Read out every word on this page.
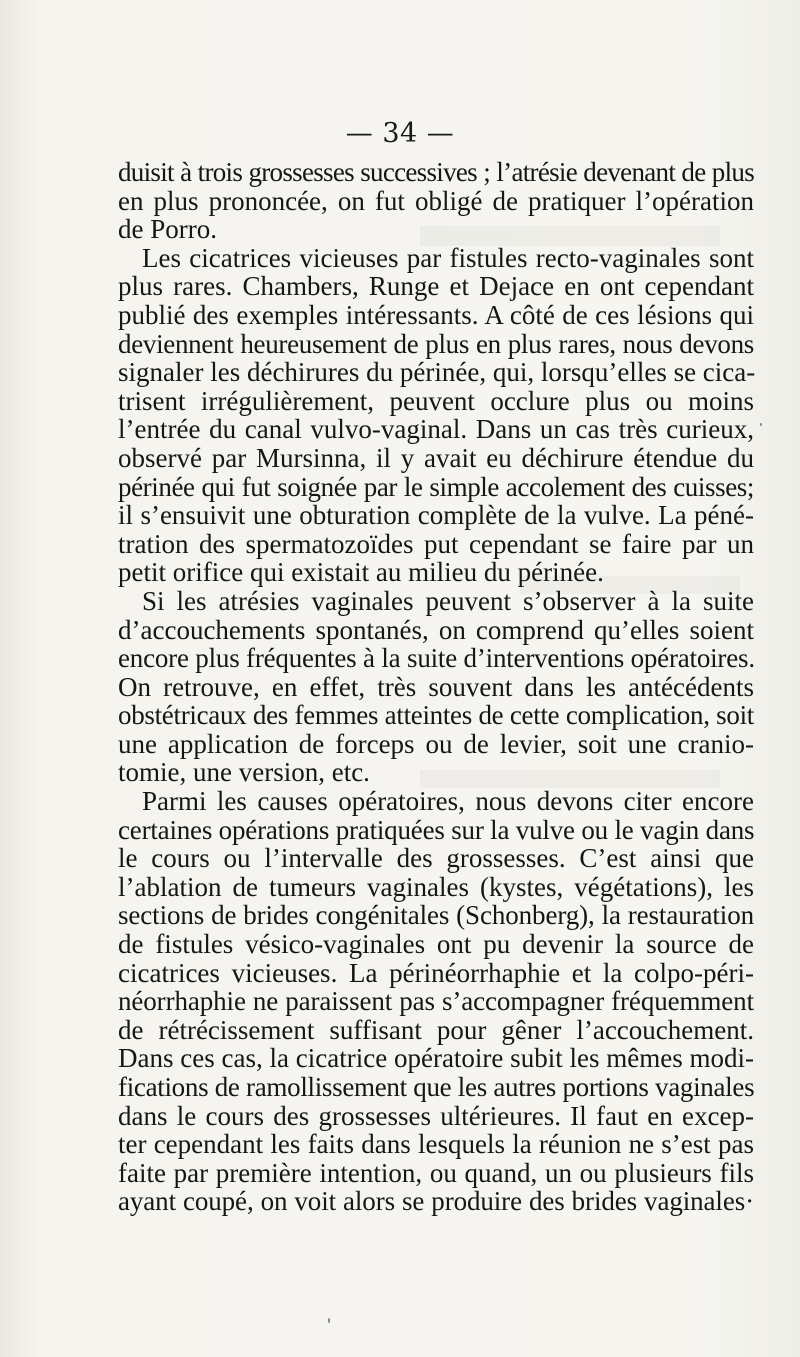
— 34 —
duisit à trois grossesses successives ; l’atrésie devenant de plus
en plus prononcée, on fut obligé de pratiquer l’opération
de Porro.
Les cicatrices vicieuses par fistules recto-vaginales sont
plus rares. Chambers, Runge et Dejace en ont cependant
publié des exemples intéressants. A côté de ces lésions qui
deviennent heureusement de plus en plus rares, nous devons
signaler les déchirures du périnée, qui, lorsqu’elles se cica-
trisent irrégulièrement, peuvent occlure plus ou moins
l’entrée du canal vulvo-vaginal. Dans un cas très curieux,
observé par Mursinna, il y avait eu déchirure étendue du
périnée qui fut soignée par le simple accolement des cuisses;
il s’ensuivit une obturation complète de la vulve. La péné-
tration des spermatozoïdes put cependant se faire par un
petit orifice qui existait au milieu du périnée.
Si les atrésies vaginales peuvent s’observer à la suite
d’accouchements spontanés, on comprend qu’elles soient
encore plus fréquentes à la suite d’interventions opératoires.
On retrouve, en effet, très souvent dans les antécédents
obstétricaux des femmes atteintes de cette complication, soit
une application de forceps ou de levier, soit une cranio-
tomie, une version, etc.
Parmi les causes opératoires, nous devons citer encore
certaines opérations pratiquées sur la vulve ou le vagin dans
le cours ou l’intervalle des grossesses. C’est ainsi que
l’ablation de tumeurs vaginales (kystes, végétations), les
sections de brides congénitales (Schonberg), la restauration
de fistules vésico-vaginales ont pu devenir la source de
cicatrices vicieuses. La périnéorrhaphie et la colpo-péri-
néorrhaphie ne paraissent pas s’accompagner fréquemment
de rétrécissement suffisant pour gêner l’accouchement.
Dans ces cas, la cicatrice opératoire subit les mêmes modi-
fications de ramollissement que les autres portions vaginales
dans le cours des grossesses ultérieures. Il faut en excep-
ter cependant les faits dans lesquels la réunion ne s’est pas
faite par première intention, ou quand, un ou plusieurs fils
ayant coupé, on voit alors se produire des brides vaginales·
